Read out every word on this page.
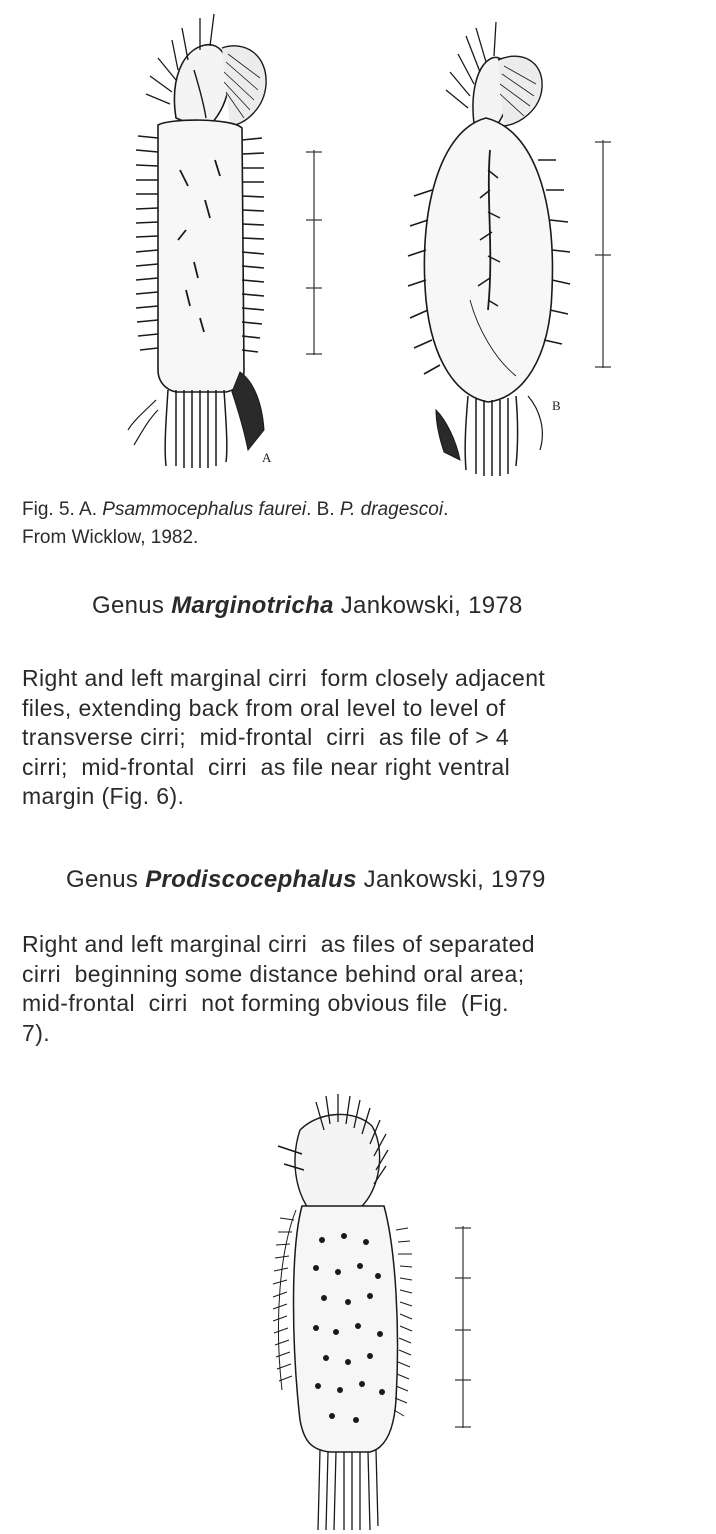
A
B
Fig. 5. A. Psammocephalus faurei. B. P. dragescoi.
From Wicklow, 1982.
Genus Marginotricha Jankowski, 1978
Right and left marginal cirri  form closely adjacent
files, extending back from oral level to level of
transverse cirri;  mid-frontal  cirri  as file of > 4
cirri;  mid-frontal  cirri  as file near right ventral
margin (Fig. 6).
Genus Prodiscocephalus Jankowski, 1979
Right and left marginal cirri  as files of separated
cirri  beginning some distance behind oral area;
mid-frontal  cirri  not forming obvious file  (Fig.
7).
